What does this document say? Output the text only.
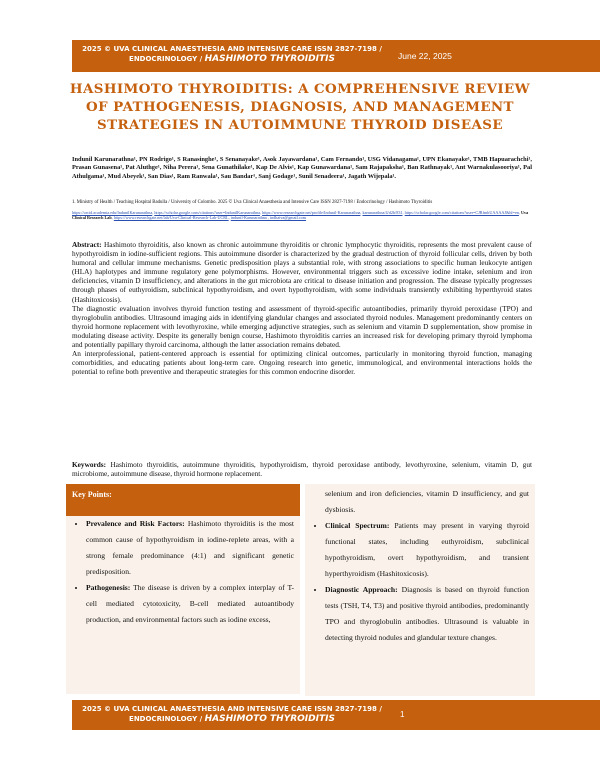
2025 © UVA CLINICAL ANAESTHESIA AND INTENSIVE CARE ISSN 2827-7198 /
ENDOCRINOLOGY / HASHIMOTO THYROIDITIS	June 22, 2025
HASHIMOTO THYROIDITIS: A COMPREHENSIVE REVIEW OF PATHOGENESIS, DIAGNOSIS, AND MANAGEMENT STRATEGIES IN AUTOIMMUNE THYROID DISEASE
Indunil Karunarathna¹, PN Rodrigo¹, S Ranasinghe¹, S Senanayake¹, Asok Jayawardana¹, Cam Fernando¹, USG Vidanagama¹, UPN Ekanayake¹, TMB Hapuarachchi¹, Prasan Gunasena¹, Pat Aluthge¹, Niha Perera¹, Sena Gunathilake¹, Kap De Alvis¹, Kap Gunawardana¹, Sam Rajapaksha¹, Ban Rathnayak¹, Ant Warnakulasooriya¹, Pal Athulgama¹, Mud Abeyek¹, San Dias¹, Ram Ranwala¹, Sau Bandar¹, Sanj Godage¹, Sunil Senadeera¹, Jagath Wijepala¹.
1. Ministry of Health / Teaching Hospital Badulla / University of Colombo. 2025 © Uva Clinical Anaesthesia and Intensive Care ISSN 2827-7198 / Endocrinology / Hashimoto Thyroiditis
https://orcid.academia.edu/IndunilKarunarathna, https://scholar.google.com/citations?user=IndunilKarunarathna, https://www.researchgate.net/profile/Indunil-Karunarathna, karunarathna/4/d2b/831, https://scholar.google.com/citations?user=CJRfmhUAAAAJ&hl=en, Uva Clinical Research Lab, https://www.researchgate.net/lab/Uva-Clinical-Research-Lab-UCRL, indunil-Karunarathna , indhaiva@gmail.com

Abstract: Hashimoto thyroiditis, also known as chronic autoimmune thyroiditis or chronic lymphocytic thyroiditis, represents the most prevalent cause of hypothyroidism in iodine-sufficient regions. This autoimmune disorder is characterized by the gradual destruction of thyroid follicular cells, driven by both humoral and cellular immune mechanisms. Genetic predisposition plays a substantial role, with strong associations to specific human leukocyte antigen (HLA) haplotypes and immune regulatory gene polymorphisms. However, environmental triggers such as excessive iodine intake, selenium and iron deficiencies, vitamin D insufficiency, and alterations in the gut microbiota are critical to disease initiation and progression. The disease typically progresses through phases of euthyroidism, subclinical hypothyroidism, and overt hypothyroidism, with some individuals transiently exhibiting hyperthyroid states (Hashitoxicosis).

The diagnostic evaluation involves thyroid function testing and assessment of thyroid-specific autoantibodies, primarily thyroid peroxidase (TPO) and thyroglobulin antibodies. Ultrasound imaging aids in identifying glandular changes and associated thyroid nodules. Management predominantly centers on thyroid hormone replacement with levothyroxine, while emerging adjunctive strategies, such as selenium and vitamin D supplementation, show promise in modulating disease activity. Despite its generally benign course, Hashimoto thyroiditis carries an increased risk for developing primary thyroid lymphoma and potentially papillary thyroid carcinoma, although the latter association remains debated.

An interprofessional, patient-centered approach is essential for optimizing clinical outcomes, particularly in monitoring thyroid function, managing comorbidities, and educating patients about long-term care. Ongoing research into genetic, immunological, and environmental interactions holds the potential to refine both preventive and therapeutic strategies for this common endocrine disorder.

Keywords: Hashimoto thyroiditis, autoimmune thyroiditis, hypothyroidism, thyroid peroxidase antibody, levothyroxine, selenium, vitamin D, gut microbiome, autoimmune disease, thyroid hormone replacement.
Key Points:
• Prevalence and Risk Factors: Hashimoto thyroiditis is the most common cause of hypothyroidism in iodine-replete areas, with a strong female predominance (4:1) and significant genetic predisposition.
• Pathogenesis: The disease is driven by a complex interplay of T-cell mediated cytotoxicity, B-cell mediated autoantibody production, and environmental factors such as iodine excess,
selenium and iron deficiencies, vitamin D insufficiency, and gut dysbiosis.
• Clinical Spectrum: Patients may present in varying thyroid functional states, including euthyroidism, subclinical hypothyroidism, overt hypothyroidism, and transient hyperthyroidism (Hashitoxicosis).
• Diagnostic Approach: Diagnosis is based on thyroid function tests (TSH, T4, T3) and positive thyroid antibodies, predominantly TPO and thyroglobulin antibodies. Ultrasound is valuable in detecting thyroid nodules and glandular texture changes.
2025 © UVA CLINICAL ANAESTHESIA AND INTENSIVE CARE ISSN 2827-7198 /
ENDOCRINOLOGY / HASHIMOTO THYROIDITIS	1
